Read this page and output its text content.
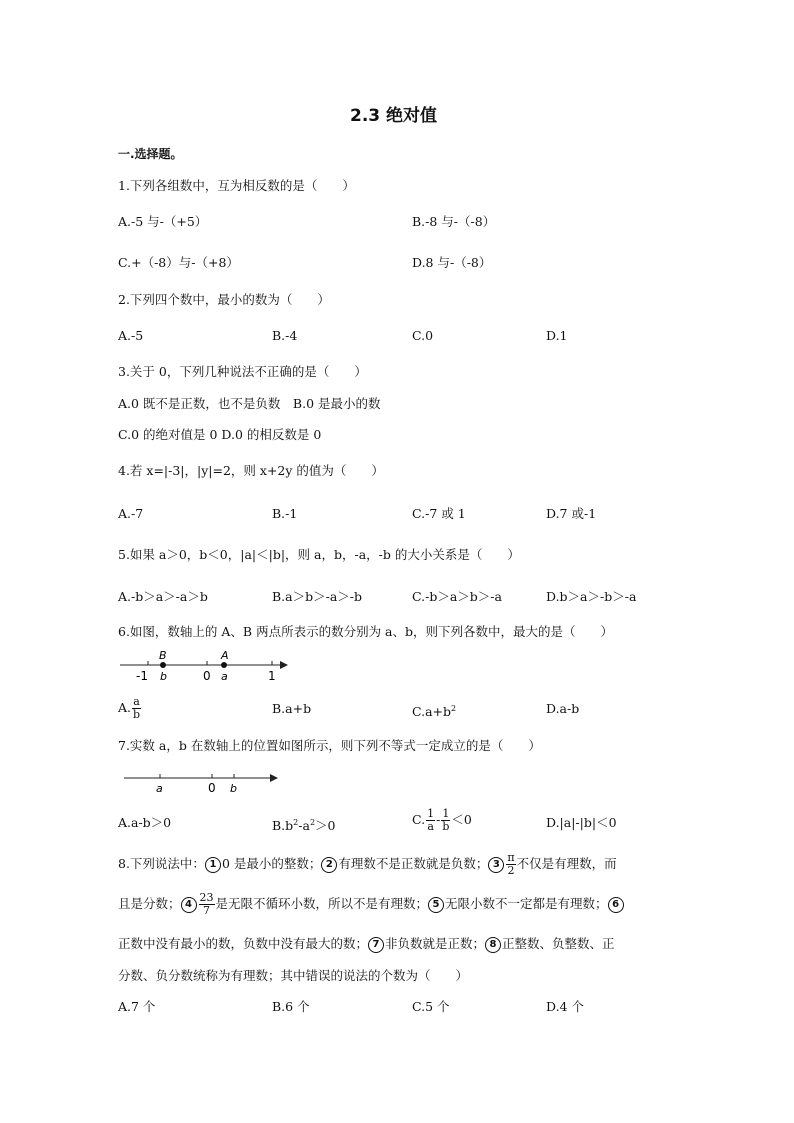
2.3 绝对值
一.选择题。
1.下列各组数中，互为相反数的是（　　）
A.-5 与-（+5）	B.-8 与-（-8）
C.+（-8）与-（+8）	D.8 与-（-8）
2.下列四个数中，最小的数为（　　）
A.-5	B.-4	C.0	D.1
3.关于 0，下列几种说法不正确的是（　　）
A.0 既不是正数，也不是负数　B.0 是最小的数
C.0 的绝对值是 0 D.0 的相反数是 0
4.若 x=|-3|，|y|=2，则 x+2y 的值为（　　）
A.-7	B.-1	C.-7 或 1	D.7 或-1
5.如果 a＞0，b＜0，|a|＜|b|，则 a，b，-a，-b 的大小关系是（　　）
A.-b＞a＞-a＞b	B.a＞b＞-a＞-b	C.-b＞a＞b＞-a	D.b＞a＞-b＞-a
6.如图，数轴上的 A、B 两点所表示的数分别为 a、b，则下列各数中，最大的是（　　）
B	A
-1 b	0 a	1
A. $\frac{a}{b}$	B.a+b	$C.a+b^2$	D.a-b
7.实数 a，b 在数轴上的位置如图所示，则下列不等式一定成立的是（　　）
a	0 b
A.a-b＞0	$B.b^2-a^2>0$	C. $\frac{1}{a} - \frac{1}{b} <0$	D.|a|-|b|＜0
8.下列说法中： 1 0 是最小的整数； 2 有理数不是正数就是负数； $3 \frac{\pi}{2}$ 不仅是有理数，而
且是分数； $4 \frac{23}{7}$ 是无限不循环小数，所以不是有理数； 5 无限小数不一定都是有理数； 6
正数中没有最小的数，负数中没有最大的数； 7 非负数就是正数； 8 正整数、负整数、正
分数、负分数统称为有理数；其中错误的说法的个数为（　　）
A.7 个	B.6 个	C.5 个	D.4 个
